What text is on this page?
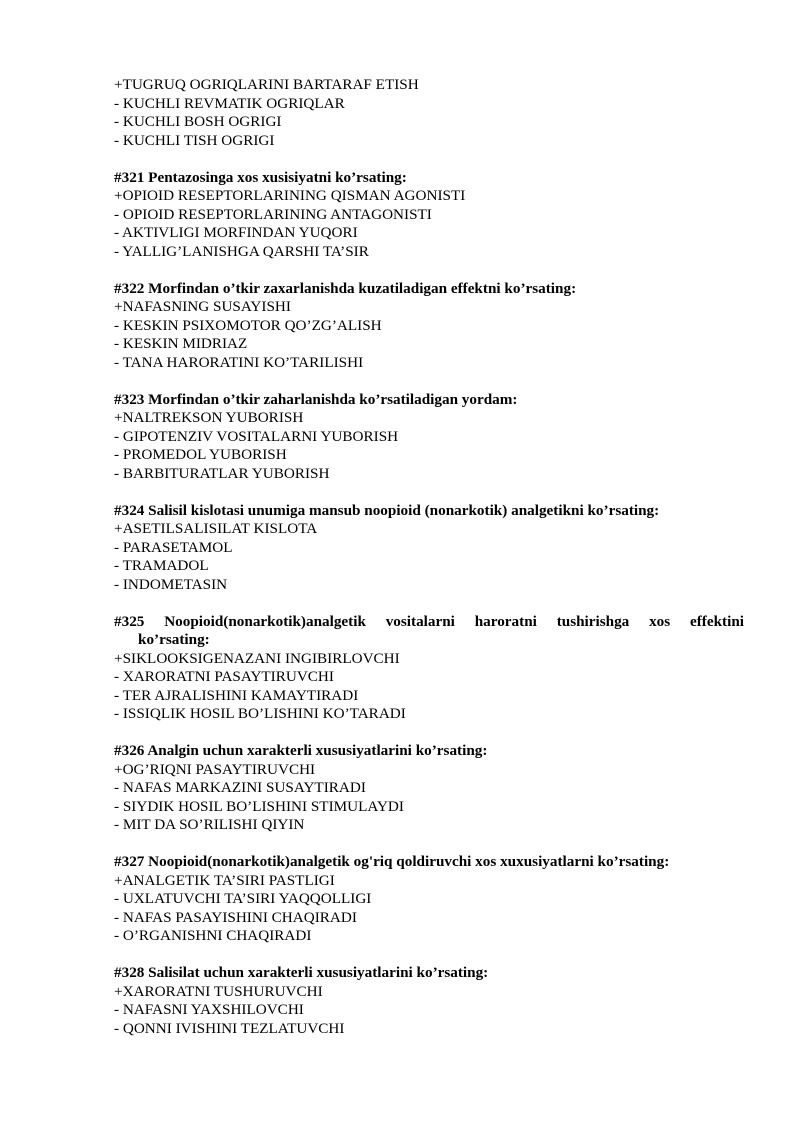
+TUGRUQ OGRIQLARINI BARTARAF ETISH

- KUCHLI REVMATIK OGRIQLAR

- KUCHLI BOSH OGRIGI

- KUCHLI TISH OGRIGI

#321 Pentazosinga xos xusisiyatni ko’rsating:

+OPIOID RESEPTORLARINING QISMAN AGONISTI

- OPIOID RESEPTORLARINING ANTAGONISTI

- AKTIVLIGI MORFINDAN YUQORI

- YALLIG’LANISHGA QARSHI TA’SIR

#322 Morfindan o’tkir zaxarlanishda kuzatiladigan effektni ko’rsating:

+NAFASNING SUSAYISHI

- KESKIN PSIXOMOTOR QO’ZG’ALISH

- KESKIN MIDRIAZ

- TANA HARORATINI KO’TARILISHI

#323 Morfindan o’tkir zaharlanishda ko’rsatiladigan yordam:

+NALTREKSON YUBORISH

- GIPOTENZIV VOSITALARNI YUBORISH

- PROMEDOL YUBORISH

- BARBITURATLAR YUBORISH

#324 Salisil kislotasi unumiga mansub noopioid (nonarkotik) analgetikni ko’rsating:

+ASETILSALISILAT KISLOTA

- PARASETAMOL

- TRAMADOL

- INDOMETASIN

#325 Noopioid(nonarkotik)analgetik vositalarni haroratni tushirishga xos effektini
ko’rsating:

+SIKLOOKSIGENAZANI INGIBIRLOVCHI

- XARORATNI PASAYTIRUVCHI

- TER AJRALISHINI KAMAYTIRADI

- ISSIQLIK HOSIL BO’LISHINI KO’TARADI

#326 Analgin uchun xarakterli xususiyatlarini ko’rsating:

+OG’RIQNI PASAYTIRUVCHI

- NAFAS MARKAZINI SUSAYTIRADI

- SIYDIK HOSIL BO’LISHINI STIMULAYDI

- MIT DA SO’RILISHI QIYIN

#327 Noopioid(nonarkotik)analgetik og'riq qoldiruvchi xos xuxusiyatlarni ko’rsating:

+ANALGETIK TA’SIRI PASTLIGI

- UXLATUVCHI TA’SIRI YAQQOLLIGI

- NAFAS PASAYISHINI CHAQIRADI

- O’RGANISHNI CHAQIRADI

#328 Salisilat uchun xarakterli xususiyatlarini ko’rsating:

+XARORATNI TUSHURUVCHI

- NAFASNI YAXSHILOVCHI

- QONNI IVISHINI TEZLATUVCHI
